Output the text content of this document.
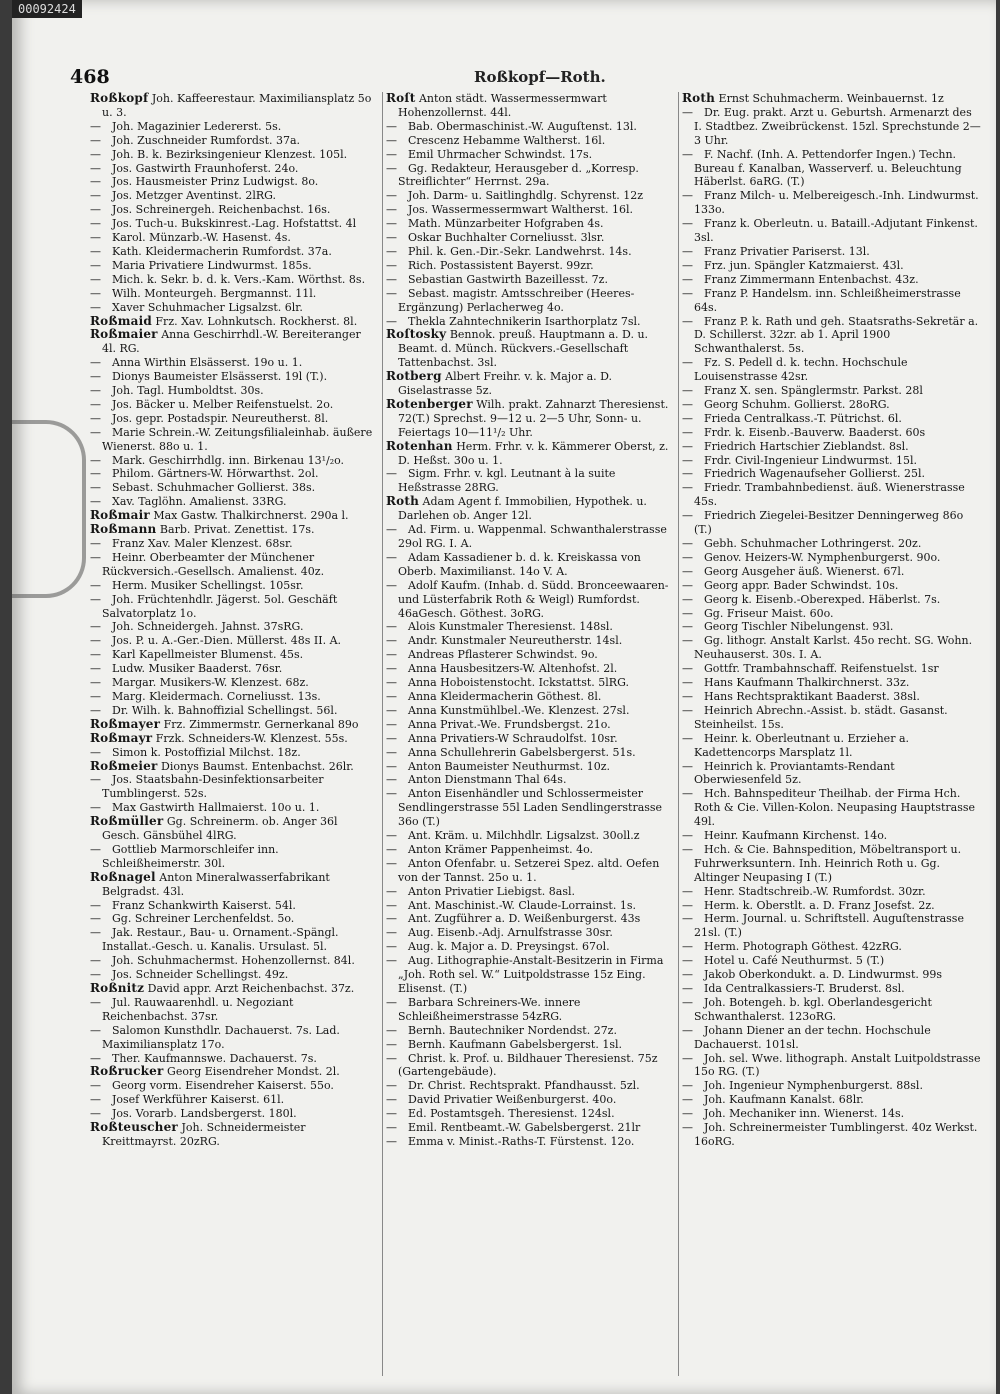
00092424
468	Roßkopf—Roth.
Roßkopf Joh. Kaffeerestaur. Maximiliansplatz 5o u. 3.
— Joh. Magazinier Ledererst. 5s.
— Joh. Zuschneider Rumfordst. 37a.
— Joh. B. k. Bezirksingenieur Klenzest. 105l.
— Jos. Gastwirth Fraunhoferst. 24o.
— Jos. Hausmeister Prinz Ludwigst. 8o.
— Jos. Metzger Aventinst. 2lRG.
— Jos. Schreinergeh. Reichenbachst. 16s.
— Jos. Tuch-u. Bukskinrest.-Lag. Hofstattst. 4l
— Karol. Münzarb.-W. Hasenst. 4s.
— Kath. Kleidermacherin Rumfordst. 37a.
— Maria Privatiere Lindwurmst. 185s.
— Mich. k. Sekr. b. d. k. Vers.-Kam. Wörthst. 8s.
— Wilh. Monteurgeh. Bergmannst. 11l.
— Xaver Schuhmacher Ligsalzst. 6lr.
Roßmaid Frz. Xav. Lohnkutsch. Rockherst. 8l.
Roßmaier Anna Geschirrhdl.-W. Bereiteranger 4l. RG.
— Anna Wirthin Elsässerst. 19o u. 1.
— Dionys Baumeister Elsässerst. 19l (T.).
— Joh. Tagl. Humboldtst. 30s.
— Jos. Bäcker u. Melber Reifenstuelst. 2o.
— Jos. gepr. Postadspir. Neureutherst. 8l.
— Marie Schrein.-W. Zeitungsfilialeinhab. äußere Wienerst. 88o u. 1.
— Mark. Geschirrhdlg. inn. Birkenau 13¹/₂o.
— Philom. Gärtners-W. Hörwarthst. 2ol.
— Sebast. Schuhmacher Gollierst. 38s.
— Xav. Taglöhn. Amalienst. 33RG.
Roßmair Max Gastw. Thalkirchnerst. 290a l.
Roßmann Barb. Privat. Zenettist. 17s.
— Franz Xav. Maler Klenzest. 68sr.
— Heinr. Oberbeamter der Münchener Rückversich.-Gesellsch. Amalienst. 40z.
— Herm. Musiker Schellingst. 105sr.
— Joh. Früchtenhdlr. Jägerst. 5ol. Geschäft Salvatorplatz 1o.
— Joh. Schneidergeh. Jahnst. 37sRG.
— Jos. P. u. A.-Ger.-Dien. Müllerst. 48s II. A.
— Karl Kapellmeister Blumenst. 45s.
— Ludw. Musiker Baaderst. 76sr.
— Margar. Musikers-W. Klenzest. 68z.
— Marg. Kleidermach. Corneliusst. 13s.
— Dr. Wilh. k. Bahnoffizial Schellingst. 56l.
Roßmayer Frz. Zimmermstr. Gernerkanal 89o
Roßmayr Frzk. Schneiders-W. Klenzest. 55s.
— Simon k. Postoffizial Milchst. 18z.
Roßmeier Dionys Baumst. Entenbachst. 26lr.
— Jos. Staatsbahn-Desinfektionsarbeiter Tumblingerst. 52s.
— Max Gastwirth Hallmaierst. 10o u. 1.
Roßmüller Gg. Schreinerm. ob. Anger 36l Gesch. Gänsbühel 4lRG.
— Gottlieb Marmorschleifer inn. Schleißheimerstr. 30l.
Roßnagel Anton Mineralwasserfabrikant Belgradst. 43l.
— Franz Schankwirth Kaiserst. 54l.
— Gg. Schreiner Lerchenfeldst. 5o.
— Jak. Restaur., Bau- u. Ornament.-Spängl. Installat.-Gesch. u. Kanalis. Ursulast. 5l.
— Joh. Schuhmachermst. Hohenzollernst. 84l.
— Jos. Schneider Schellingst. 49z.
Roßnitz David appr. Arzt Reichenbachst. 37z.
— Jul. Rauwaarenhdl. u. Negoziant Reichenbachst. 37sr.
— Salomon Kunsthdlr. Dachauerst. 7s. Lad. Maximiliansplatz 17o.
— Ther. Kaufmannswe. Dachauerst. 7s.
Roßrucker Georg Eisendreher Mondst. 2l.
— Georg vorm. Eisendreher Kaiserst. 55o.
— Josef Werkführer Kaiserst. 61l.
— Jos. Vorarb. Landsbergerst. 180l.
Roßteuscher Joh. Schneidermeister Kreittmayrst. 20zRG.
Roſt Anton städt. Wassermessermwart Hohenzollernst. 44l.
— Bab. Obermaschinist.-W. Auguſtenst. 13l.
— Crescenz Hebamme Waltherst. 16l.
— Emil Uhrmacher Schwindst. 17s.
— Gg. Redakteur, Herausgeber d. „Korresp. Streiflichter“ Herrnst. 29a.
— Joh. Darm- u. Saitlinghdlg. Schyrenst. 12z
— Jos. Wassermessermwart Waltherst. 16l.
— Math. Münzarbeiter Hofgraben 4s.
— Oskar Buchhalter Corneliusst. 3lsr.
— Phil. k. Gen.-Dir.-Sekr. Landwehrst. 14s.
— Rich. Postassistent Bayerst. 99zr.
— Sebastian Gastwirth Bazeillesst. 7z.
— Sebast. magistr. Amtsschreiber (Heeres-Ergänzung) Perlacherweg 4o.
— Thekla Zahntechnikerin Isarthorplatz 7sl.
Roſtosky Bennok. preuß. Hauptmann a. D. u. Beamt. d. Münch. Rückvers.-Gesellschaft Tattenbachst. 3sl.
Rotberg Albert Freihr. v. k. Major a. D. Giselastrasse 5z.
Rotenberger Wilh. prakt. Zahnarzt Theresienst. 72(T.) Sprechst. 9—12 u. 2—5 Uhr, Sonn- u. Feiertags 10—11¹/₂ Uhr.
Rotenhan Herm. Frhr. v. k. Kämmerer Oberst, z. D. Heßst. 30o u. 1.
— Sigm. Frhr. v. kgl. Leutnant à la suite Heßstrasse 28RG.
Roth Adam Agent f. Immobilien, Hypothek. u. Darlehen ob. Anger 12l.
— Ad. Firm. u. Wappenmal. Schwanthalerstrasse 29ol RG. I. A.
— Adam Kassadiener b. d. k. Kreiskassa von Oberb. Maximilianst. 14o V. A.
— Adolf Kaufm. (Inhab. d. Südd. Bronceewaaren- und Lüsterfabrik Roth & Weigl) Rumfordst. 46aGesch. Göthest. 3oRG.
— Alois Kunstmaler Theresienst. 148sl.
— Andr. Kunstmaler Neureutherstr. 14sl.
— Andreas Pflasterer Schwindst. 9o.
— Anna Hausbesitzers-W. Altenhofst. 2l.
— Anna Hoboistenstocht. Ickstattst. 5lRG.
— Anna Kleidermacherin Göthest. 8l.
— Anna Kunstmühlbel.-We. Klenzest. 27sl.
— Anna Privat.-We. Frundsbergst. 21o.
— Anna Privatiers-W Schraudolfst. 10sr.
— Anna Schullehrerin Gabelsbergerst. 51s.
— Anton Baumeister Neuthurmst. 10z.
— Anton Dienstmann Thal 64s.
— Anton Eisenhändler und Schlossermeister Sendlingerstrasse 55l Laden Sendlingerstrasse 36o (T.)
— Ant. Kräm. u. Milchhdlr. Ligsalzst. 30oll.z
— Anton Krämer Pappenheimst. 4o.
— Anton Ofenfabr. u. Setzerei Spez. altd. Oefen von der Tannst. 25o u. 1.
— Anton Privatier Liebigst. 8asl.
— Ant. Maschinist.-W. Claude-Lorrainst. 1s.
— Ant. Zugführer a. D. Weißenburgerst. 43s
— Aug. Eisenb.-Adj. Arnulfstrasse 30sr.
— Aug. k. Major a. D. Preysingst. 67ol.
— Aug. Lithographie-Anstalt-Besitzerin in Firma „Joh. Roth sel. W.“ Luitpoldstrasse 15z Eing. Elisenst. (T.)
— Barbara Schreiners-We. innere Schleißheimerstrasse 54zRG.
— Bernh. Bautechniker Nordendst. 27z.
— Bernh. Kaufmann Gabelsbergerst. 1sl.
— Christ. k. Prof. u. Bildhauer Theresienst. 75z (Gartengebäude).
— Dr. Christ. Rechtsprakt. Pfandhausst. 5zl.
— David Privatier Weißenburgerst. 40o.
— Ed. Postamtsgeh. Theresienst. 124sl.
— Emil. Rentbeamt.-W. Gabelsbergerst. 21lr
— Emma v. Minist.-Raths-T. Fürstenst. 12o.
Roth Ernst Schuhmacherm. Weinbauernst. 1z
— Dr. Eug. prakt. Arzt u. Geburtsh. Armenarzt des I. Stadtbez. Zweibrückenst. 15zl. Sprechstunde 2—3 Uhr.
— F. Nachf. (Inh. A. Pettendorfer Ingen.) Techn. Bureau f. Kanalban, Wasserverf. u. Beleuchtung Häberlst. 6aRG. (T.)
— Franz Milch- u. Melbereigesch.-Inh. Lindwurmst. 133o.
— Franz k. Oberleutn. u. Bataill.-Adjutant Finkenst. 3sl.
— Franz Privatier Pariserst. 13l.
— Frz. jun. Spängler Katzmaierst. 43l.
— Franz Zimmermann Entenbachst. 43z.
— Franz P. Handelsm. inn. Schleißheimerstrasse 64s.
— Franz P. k. Rath und geh. Staatsraths-Sekretär a. D. Schillerst. 32zr. ab 1. April 1900 Schwanthalerst. 5s.
— Fz. S. Pedell d. k. techn. Hochschule Louisenstrasse 42sr.
— Franz X. sen. Spänglermstr. Parkst. 28l
— Georg Schuhm. Gollierst. 28oRG.
— Frieda Centralkass.-T. Pütrichst. 6l.
— Frdr. k. Eisenb.-Bauverw. Baaderst. 60s
— Friedrich Hartschier Zieblandst. 8sl.
— Frdr. Civil-Ingenieur Lindwurmst. 15l.
— Friedrich Wagenaufseher Gollierst. 25l.
— Friedr. Trambahnbedienst. äuß. Wienerstrasse 45s.
— Friedrich Ziegelei-Besitzer Denningerweg 86o (T.)
— Gebh. Schuhmacher Lothringerst. 20z.
— Genov. Heizers-W. Nymphenburgerst. 90o.
— Georg Ausgeher äuß. Wienerst. 67l.
— Georg appr. Bader Schwindst. 10s.
— Georg k. Eisenb.-Oberexped. Häberlst. 7s.
— Gg. Friseur Maist. 60o.
— Georg Tischler Nibelungenst. 93l.
— Gg. lithogr. Anstalt Karlst. 45o recht. SG. Wohn. Neuhauserst. 30s. I. A.
— Gottfr. Trambahnschaff. Reifenstuelst. 1sr
— Hans Kaufmann Thalkirchnerst. 33z.
— Hans Rechtspraktikant Baaderst. 38sl.
— Heinrich Abrechn.-Assist. b. städt. Gasanst. Steinheilst. 15s.
— Heinr. k. Oberleutnant u. Erzieher a. Kadettencorps Marsplatz 1l.
— Heinrich k. Proviantamts-Rendant Oberwiesenfeld 5z.
— Hch. Bahnspediteur Theilhab. der Firma Hch. Roth & Cie. Villen-Kolon. Neupasing Hauptstrasse 49l.
— Heinr. Kaufmann Kirchenst. 14o.
— Hch. & Cie. Bahnspedition, Möbeltransport u. Fuhrwerksuntern. Inh. Heinrich Roth u. Gg. Altinger Neupasing I (T.)
— Henr. Stadtschreib.-W. Rumfordst. 30zr.
— Herm. k. Oberstlt. a. D. Franz Josefst. 2z.
— Herm. Journal. u. Schriftstell. Auguſtenstrasse 21sl. (T.)
— Herm. Photograph Göthest. 42zRG.
— Hotel u. Café Neuthurmst. 5 (T.)
— Jakob Oberkondukt. a. D. Lindwurmst. 99s
— Ida Centralkassiers-T. Bruderst. 8sl.
— Joh. Botengeh. b. kgl. Oberlandesgericht Schwanthalerst. 123oRG.
— Johann Diener an der techn. Hochschule Dachauerst. 101sl.
— Joh. sel. Wwe. lithograph. Anstalt Luitpoldstrasse 15o RG. (T.)
— Joh. Ingenieur Nymphenburgerst. 88sl.
— Joh. Kaufmann Kanalst. 68lr.
— Joh. Mechaniker inn. Wienerst. 14s.
— Joh. Schreinermeister Tumblingerst. 40z Werkst. 16oRG.
